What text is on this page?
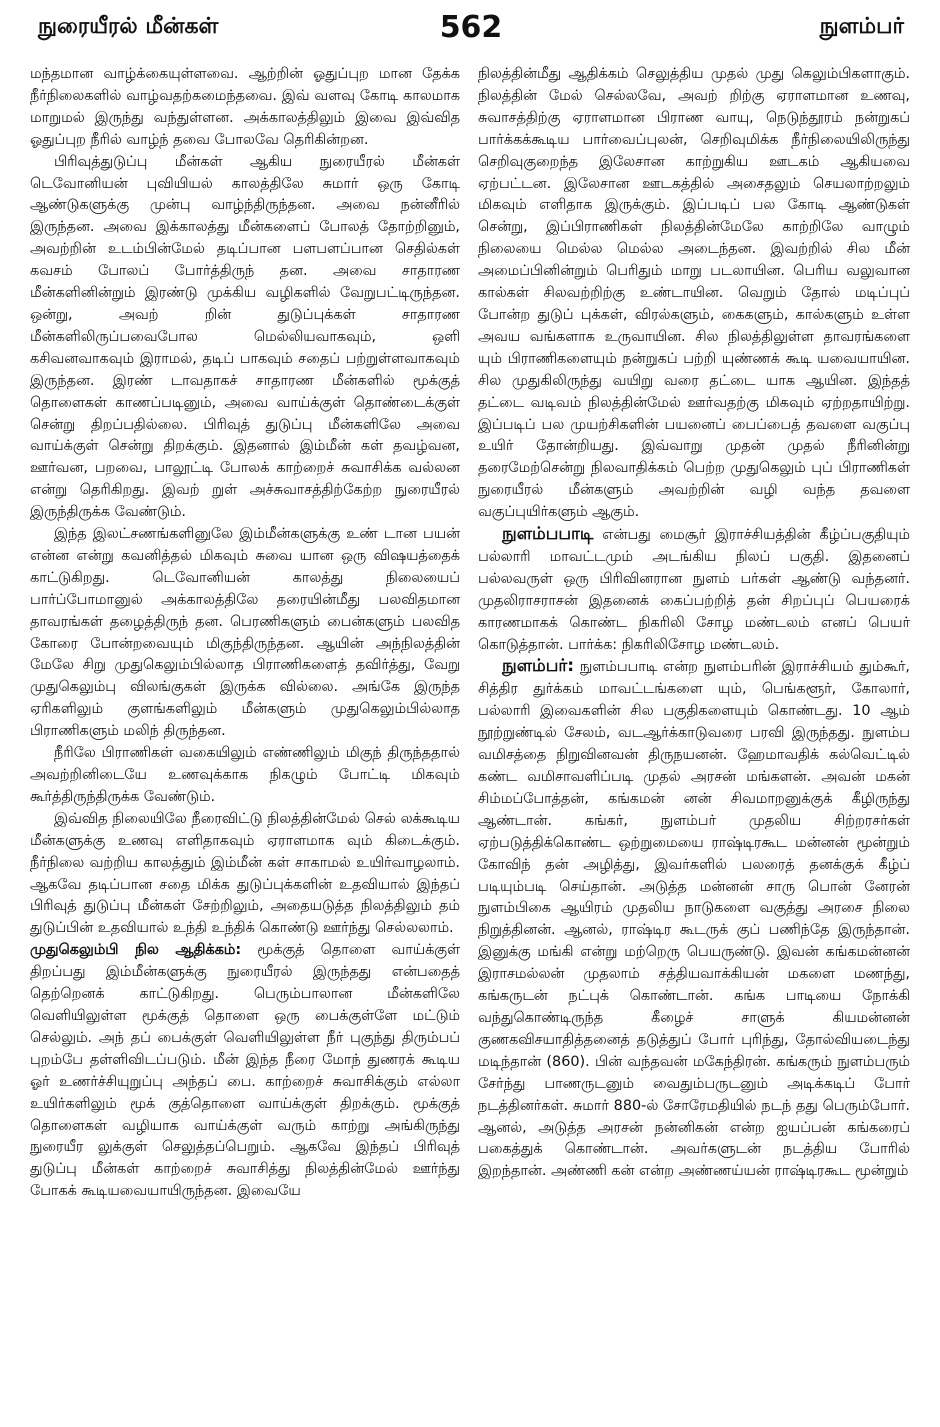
நுரையீரல் மீன்கள்	562	நுளம்பர்

மந்தமான வாழ்க்கையுள்ளவை. ஆற்றின் ஓதுப்புற மான தேக்க நீர்நிலைகளில் வாழ்வதற்கமைந்தவை. இவ் வளவு கோடி காலமாக மாறுமல் இருந்து வந்துள்ளன. அக்காலத்திலும் இவை இவ்வித ஓதுப்புற நீரில் வாழ்ந் தவை போலவே தெரிகின்றன.

பிரிவுத்துடுப்பு மீன்கள் ஆகிய நுரையீரல் மீன்கள் டெவோனியன் புவியியல் காலத்திலே சுமார் ஒரு கோடி ஆண்டுகளுக்கு முன்பு வாழ்ந்திருந்தன. அவை நன்னீரில் இருந்தன. அவை இக்காலத்து மீன்களைப் போலத் தோற்றினும், அவற்றின் உடம்பின்மேல் தடிப்பான பளபளப்பான செதில்கள் கவசம் போலப் போர்த்திருந் தன. அவை சாதாரண மீன்களினின்றும் இரண்டு முக்கிய வழிகளில் வேறுபட்டிருந்தன. ஒன்று, அவற் றின் துடுப்புக்கள் சாதாரண மீன்களிலிருப்பவைபோல மெல்லியவாகவும், ஒளி கசிவனவாகவும் இராமல், தடிப் பாகவும் சதைப் பற்றுள்ளவாகவும் இருந்தன. இரண் டாவதாகச் சாதாரண மீன்களில் மூக்குத் தொளைகள் காணப்படினும், அவை வாய்க்குள் தொண்டைக்குள் சென்று திறப்பதில்லை. பிரிவுத் துடுப்பு மீன்களிலே அவை வாய்க்குள் சென்று திறக்கும். இதனால் இம்மீன் கள் தவழ்வன, ஊர்வன, பறவை, பாலூட்டி போலக் காற்றைச் சுவாசிக்க வல்லன என்று தெரிகிறது. இவற் றுள் அச்சுவாசத்திற்கேற்ற நுரையீரல் இருந்திருக்க வேண்டும்.

இந்த இலட்சணங்களினுலே இம்மீன்களுக்கு உண் டான பயன் என்ன என்று கவனித்தல் மிகவும் சுவை யான ஒரு விஷயத்தைக் காட்டுகிறது. டெவோனியன் காலத்து நிலையைப் பார்ப்போமானுல் அக்காலத்திலே தரையின்மீது பலவிதமான தாவரங்கள் தழைத்திருந் தன. பெரணிகளும் பைன்களும் பலவித கோரை போன்றவையும் மிகுந்திருந்தன. ஆயின் அந்நிலத்தின் மேலே சிறு முதுகெலும்பில்லாத பிராணிகளைத் தவிர்த்து, வேறு முதுகெலும்பு விலங்குகள் இருக்க வில்லை. அங்கே இருந்த ஏரிகளிலும் குளங்களிலும் மீன்களும் முதுகெலும்பில்லாத பிராணிகளும் மலிந் திருந்தன.

நீரிலே பிராணிகள் வகையிலும் எண்ணிலும் மிகுந் திருந்ததால் அவற்றினிடையே உணவுக்காக நிகழும் போட்டி மிகவும் கூர்த்திருந்திருக்க வேண்டும்.

இவ்வித நிலையிலே நீரைவிட்டு நிலத்தின்மேல் செல் லக்கூடிய மீன்களுக்கு உணவு எளிதாகவும் ஏராளமாக வும் கிடைக்கும். நீர்நிலை வற்றிய காலத்தும் இம்மீன் கள் சாகாமல் உயிர்வாழலாம். ஆகவே தடிப்பான சதை மிக்க துடுப்புக்களின் உதவியால் இந்தப் பிரிவுத் துடுப்பு மீன்கள் சேற்றிலும், அதையடுத்த நிலத்திலும் தம் துடுப்பின் உதவியால் உந்தி உந்திக் கொண்டு ஊர்ந்து செல்லலாம்.

முதுகெலும்பி நில ஆதிக்கம்: மூக்குத் தொளை வாய்க்குள் திறப்பது இம்மீன்களுக்கு நுரையீரல் இருந்தது என்பதைத் தெற்றெனக் காட்டுகிறது. பெரும்பாலான மீன்களிலே வெளியிலுள்ள மூக்குத் தொளை ஒரு பைக்குள்ளே மட்டும் செல்லும். அந் தப் பைக்குள் வெளியிலுள்ள நீர் புகுந்து திரும்பப் புறம்பே தள்ளிவிடப்படும். மீன் இந்த நீரை மோந் துணரக் கூடிய ஓர் உணர்ச்சியுறுப்பு அந்தப் பை. காற்றைச் சுவாசிக்கும் எல்லா உயிர்களிலும் மூக் குத்தொளை வாய்க்குள் திறக்கும். மூக்குத் தொளைகள் வழியாக வாய்க்குள் வரும் காற்று அங்கிருந்து நுரையீர லுக்குள் செலுத்தப்பெறும். ஆகவே இந்தப் பிரிவுத் துடுப்பு மீன்கள் காற்றைச் சுவாசித்து நிலத்தின்மேல் ஊர்ந்து போகக் கூடியவையாயிருந்தன. இவையே

நிலத்தின்மீது ஆதிக்கம் செலுத்திய முதல் முது கெலும்பிகளாகும். நிலத்தின் மேல் செல்லவே, அவற் றிற்கு ஏராளமான உணவு, சுவாசத்திற்கு ஏராளமான பிராண வாயு, நெடுந்தூரம் நன்றுகப் பார்க்கக்கூடிய பார்வைப்புலன், செறிவுமிக்க நீர்நிலையிலிருந்து செறிவுகுறைந்த இலேசான காற்றுகிய ஊடகம் ஆகியவை ஏற்பட்டன. இலேசான ஊடகத்தில் அசைதலும் செயலாற்றலும் மிகவும் எளிதாக இருக்கும். இப்படிப் பல கோடி ஆண்டுகள் சென்று, இப்பிராணிகள் நிலத்தின்மேலே காற்றிலே வாழும் நிலையை மெல்ல மெல்ல அடைந்தன. இவற்றில் சில மீன் அமைப்பினின்றும் பெரிதும் மாறு படலாயின. பெரிய வலுவான கால்கள் சிலவற்றிற்கு உண்டாயின. வெறும் தோல் மடிப்புப் போன்ற துடுப் புக்கள், விரல்களும், கைகளும், கால்களும் உள்ள அவய வங்களாக உருவாயின. சில நிலத்திலுள்ள தாவரங்களை யும் பிராணிகளையும் நன்றுகப் பற்றி யுண்ணக் கூடி யவையாயின. சில முதுகிலிருந்து வயிறு வரை தட்டை யாக ஆயின. இந்தத் தட்டை வடிவம் நிலத்தின்மேல் ஊர்வதற்கு மிகவும் ஏற்றதாயிற்று. இப்படிப் பல முயற்சிகளின் பயனைப் பைப்பைத் தவளை வகுப்பு உயிர் தோன்றியது. இவ்வாறு முதன் முதல் நீரினின்று தரைமேற்சென்று நிலவாதிக்கம் பெற்ற முதுகெலும் புப் பிராணிகள் நுரையீரல் மீன்களும் அவற்றின் வழி வந்த தவளை வகுப்புயிர்களும் ஆகும்.

நுளம்பபாடி என்பது மைசூர் இராச்சியத்தின் கீழ்ப்பகுதியும் பல்லாரி மாவட்டமும் அடங்கிய நிலப் பகுதி. இதனைப் பல்லவருள் ஒரு பிரிவினரான நுளம் பர்கள் ஆண்டு வந்தனர். முதலிராசராசன் இதனைக் கைப்பற்றித் தன் சிறப்புப் பெயரைக் காரணமாகக் கொண்ட நிகரிலி சோழ மண்டலம் எனப் பெயர் கொடுத்தான். பார்க்க: நிகரிலிசோழ மண்டலம்.

நுளம்பர்: நுளம்பபாடி என்ற நுளம்பரின் இராச்சியம் தும்கூர், சித்திர துர்க்கம் மாவட்டங்களை யும், பெங்களூர், கோலார், பல்லாரி இவைகளின் சில பகுதிகளையும் கொண்டது. 10 ஆம் நூற்றுண்டில் சேலம், வடஆர்க்காடுவரை பரவி இருந்தது. நுளம்ப வமிசத்தை நிறுவினவன் திருநயனன். ஹேமாவதிக் கல்வெட்டில் கண்ட வமிசாவளிப்படி முதல் அரசன் மங்களன். அவன் மகன் சிம்மப்போத்தன், கங்கமன் னன் சிவமாறனுக்குக் கீழிருந்து ஆண்டான். கங்கர், நுளம்பர் முதலிய சிற்றரசர்கள் ஏற்படுத்திக்கொண்ட ஒற்றுமையை ராஷ்டிரகூட மன்னன் மூன்றும் கோவிந் தன் அழித்து, இவர்களில் பலரைத் தனக்குக் கீழ்ப் படியும்படி செய்தான். அடுத்த மன்னன் சாரு பொன் னேரன் நுளம்பிகை ஆயிரம் முதலிய நாடுகளை வகுத்து அரசை நிலை நிறுத்தினன். ஆனல், ராஷ்டிர கூடருக் குப் பணிந்தே இருந்தான். இனுக்கு மங்கி என்று மற்றெரு பெயருண்டு. இவன் கங்கமன்னன் இராசமல்லன் முதலாம் சத்தியவாக்கியன் மகளை மணந்து, கங்கருடன் நட்புக் கொண்டான். கங்க பாடியை நோக்கி வந்துகொண்டிருந்த கீழைச் சாளுக் கியமன்னன் குணகவிசயாதித்தனைத் தடுத்துப் போர் புரிந்து, தோல்வியடைந்து மடிந்தான் (860). பின் வந்தவன் மகேந்திரன். கங்கரும் நுளம்பரும் சேர்ந்து பாணருடனும் வைதும்பருடனும் அடிக்கடிப் போர் நடத்தினர்கள். சுமார் 880-ல் சோரேமதியில் நடந் தது பெரும்போர். ஆனல், அடுத்த அரசன் நன்னிகன் என்ற ஐயப்பன் கங்கரைப் பகைத்துக் கொண்டான். அவர்களுடன் நடத்திய போரில் இறந்தான். அண்ணி கன் என்ற அண்ணய்யன் ராஷ்டிரகூட மூன்றும்
